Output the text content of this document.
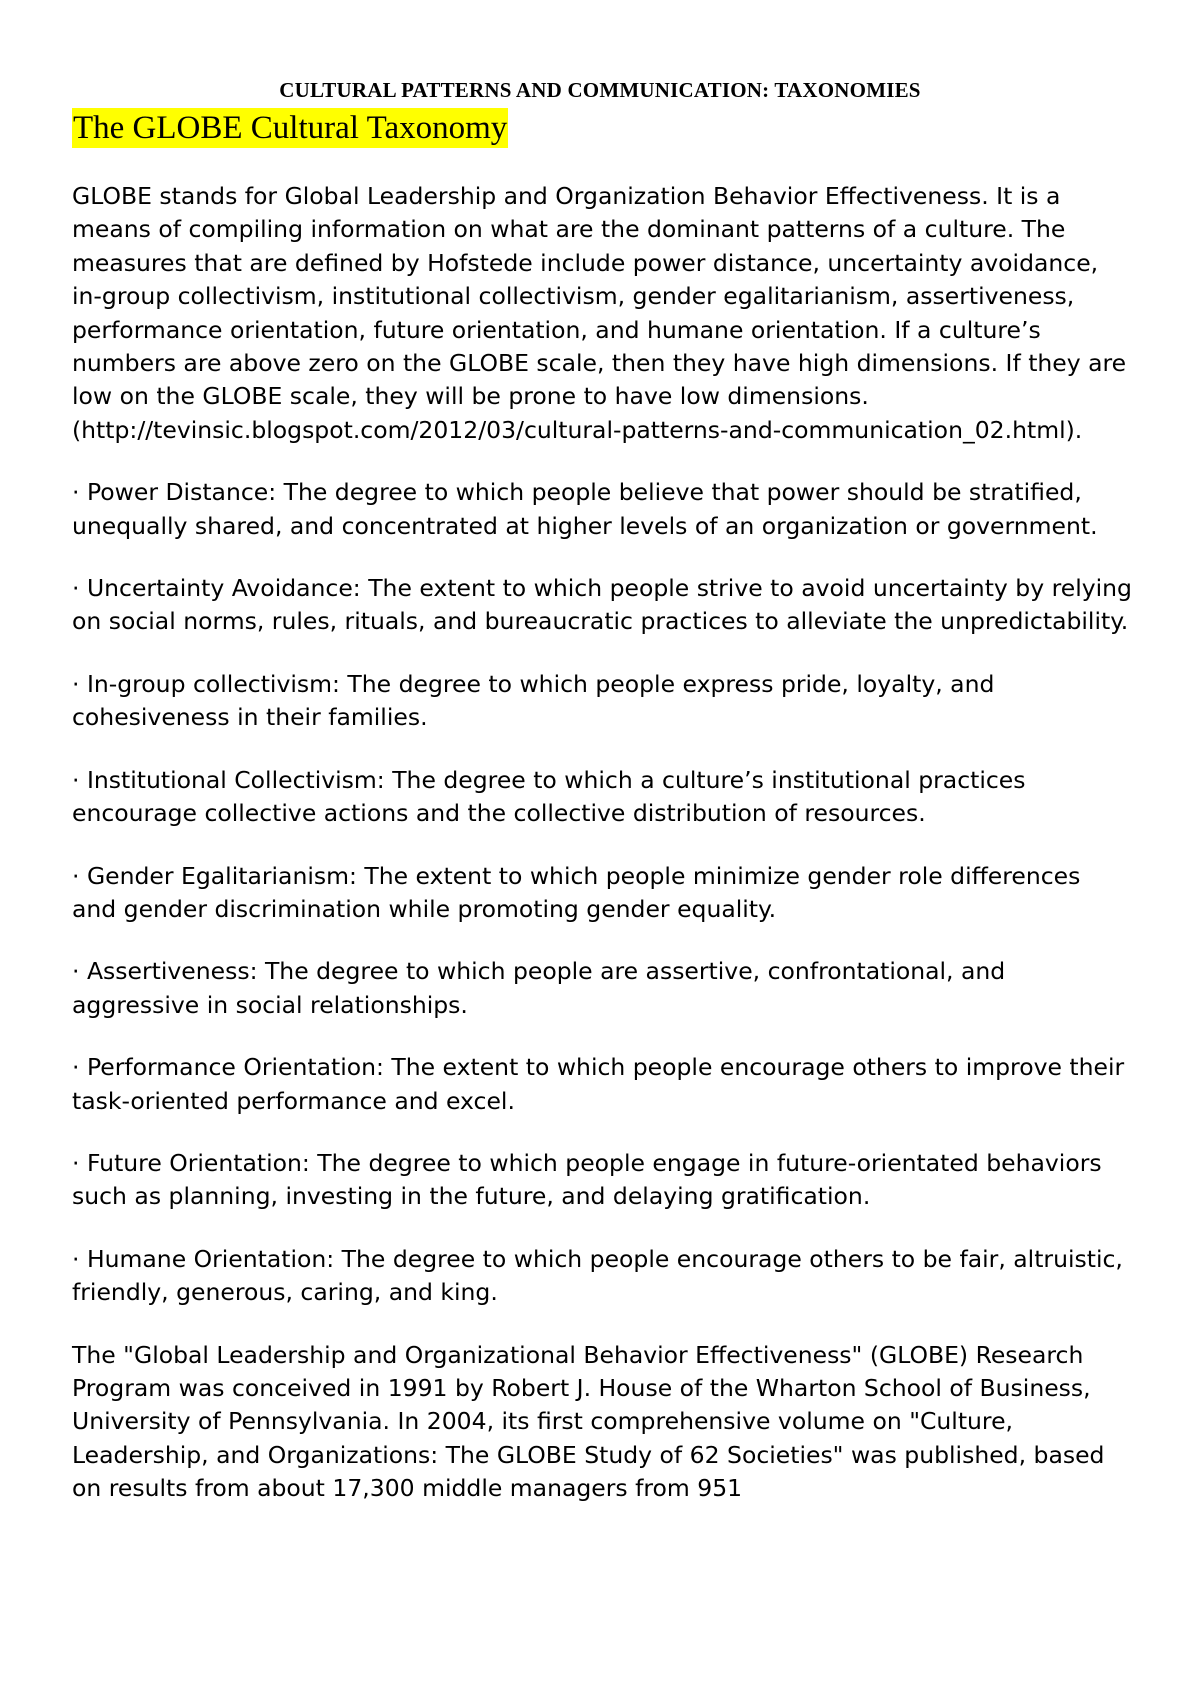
CULTURAL PATTERNS AND COMMUNICATION: TAXONOMIES
The GLOBE Cultural Taxonomy

GLOBE stands for Global Leadership and Organization Behavior Effectiveness. It is a means of compiling information on what are the dominant patterns of a culture. The measures that are defined by Hofstede include power distance, uncertainty avoidance, in-group collectivism, institutional collectivism, gender egalitarianism, assertiveness, performance orientation, future orientation, and humane orientation. If a culture’s numbers are above zero on the GLOBE scale, then they have high dimensions. If they are low on the GLOBE scale, they will be prone to have low dimensions. (http://tevinsic.blogspot.com/2012/03/cultural-patterns-and-communication_02.html).

· Power Distance: The degree to which people believe that power should be stratified, unequally shared, and concentrated at higher levels of an organization or government.

· Uncertainty Avoidance: The extent to which people strive to avoid uncertainty by relying on social norms, rules, rituals, and bureaucratic practices to alleviate the unpredictability.

· In-group collectivism: The degree to which people express pride, loyalty, and cohesiveness in their families.

· Institutional Collectivism: The degree to which a culture’s institutional practices encourage collective actions and the collective distribution of resources.

· Gender Egalitarianism: The extent to which people minimize gender role differences and gender discrimination while promoting gender equality.

· Assertiveness: The degree to which people are assertive, confrontational, and aggressive in social relationships.

· Performance Orientation: The extent to which people encourage others to improve their task-oriented performance and excel.

· Future Orientation: The degree to which people engage in future-orientated behaviors such as planning, investing in the future, and delaying gratification.

· Humane Orientation: The degree to which people encourage others to be fair, altruistic, friendly, generous, caring, and king.

The "Global Leadership and Organizational Behavior Effectiveness" (GLOBE) Research Program was conceived in 1991 by Robert J. House of the Wharton School of Business, University of Pennsylvania. In 2004, its first comprehensive volume on "Culture, Leadership, and Organizations: The GLOBE Study of 62 Societies" was published, based on results from about 17,300 middle managers from 951
